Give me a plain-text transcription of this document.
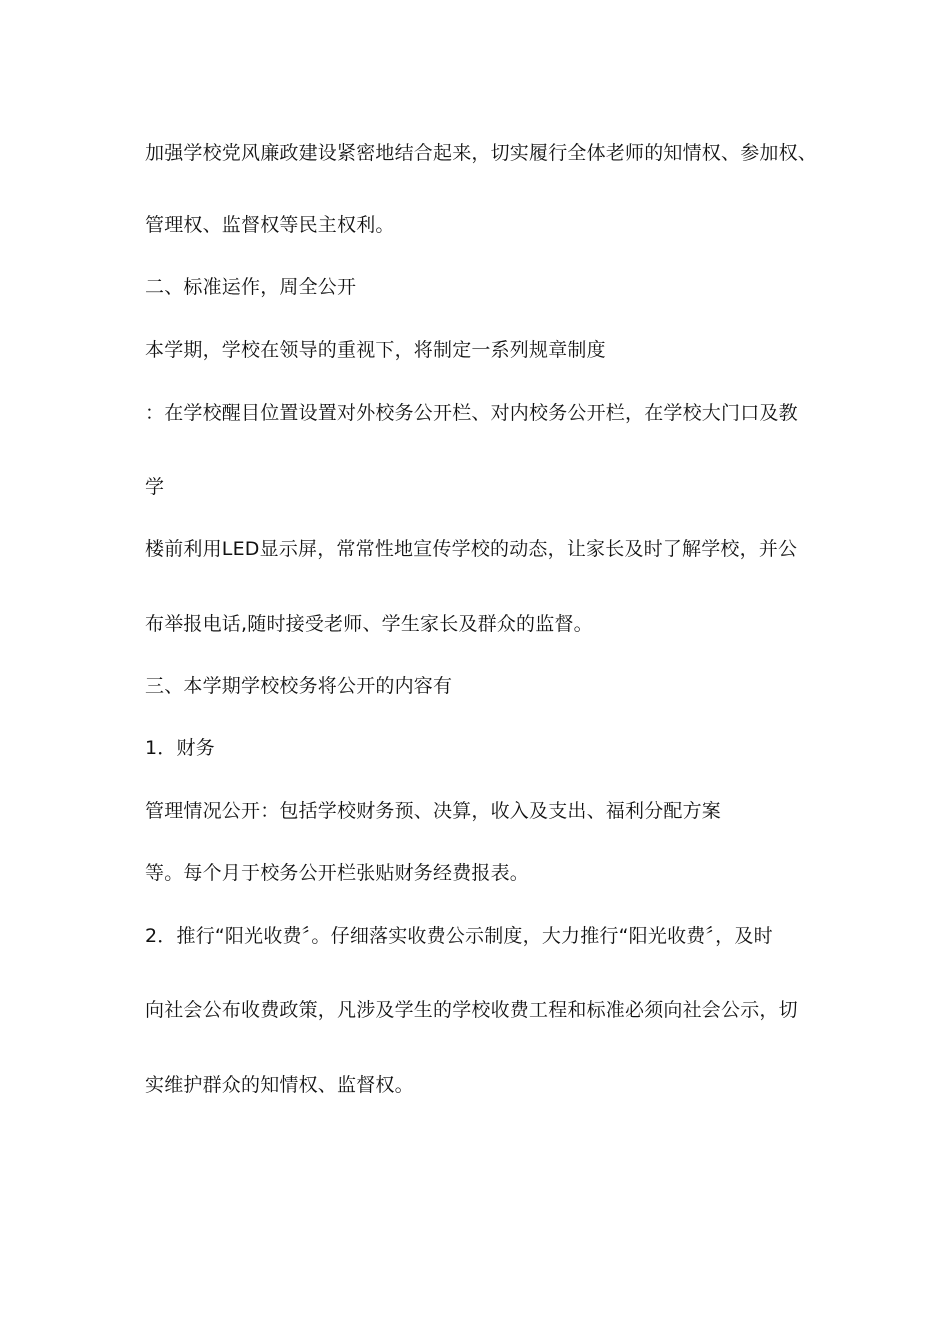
加强学校党风廉政建设紧密地结合起来，切实履行全体老师的知情权、参加权、
管理权、监督权等民主权利。
二、标准运作，周全公开
本学期，学校在领导的重视下，将制定一系列规章制度
：在学校醒目位置设置对外校务公开栏、对内校务公开栏，在学校大门口及教
学
楼前利用LED显示屏，常常性地宣传学校的动态，让家长及时了解学校，并公
布举报电话,随时接受老师、学生家长及群众的监督。
三、本学期学校校务将公开的内容有
1．财务
管理情况公开：包括学校财务预、决算，收入及支出、福利分配方案
等。每个月于校务公开栏张贴财务经费报表。
2．推行“阳光收费〞。仔细落实收费公示制度，大力推行“阳光收费〞，及时
向社会公布收费政策，凡涉及学生的学校收费工程和标准必须向社会公示，切
实维护群众的知情权、监督权。
